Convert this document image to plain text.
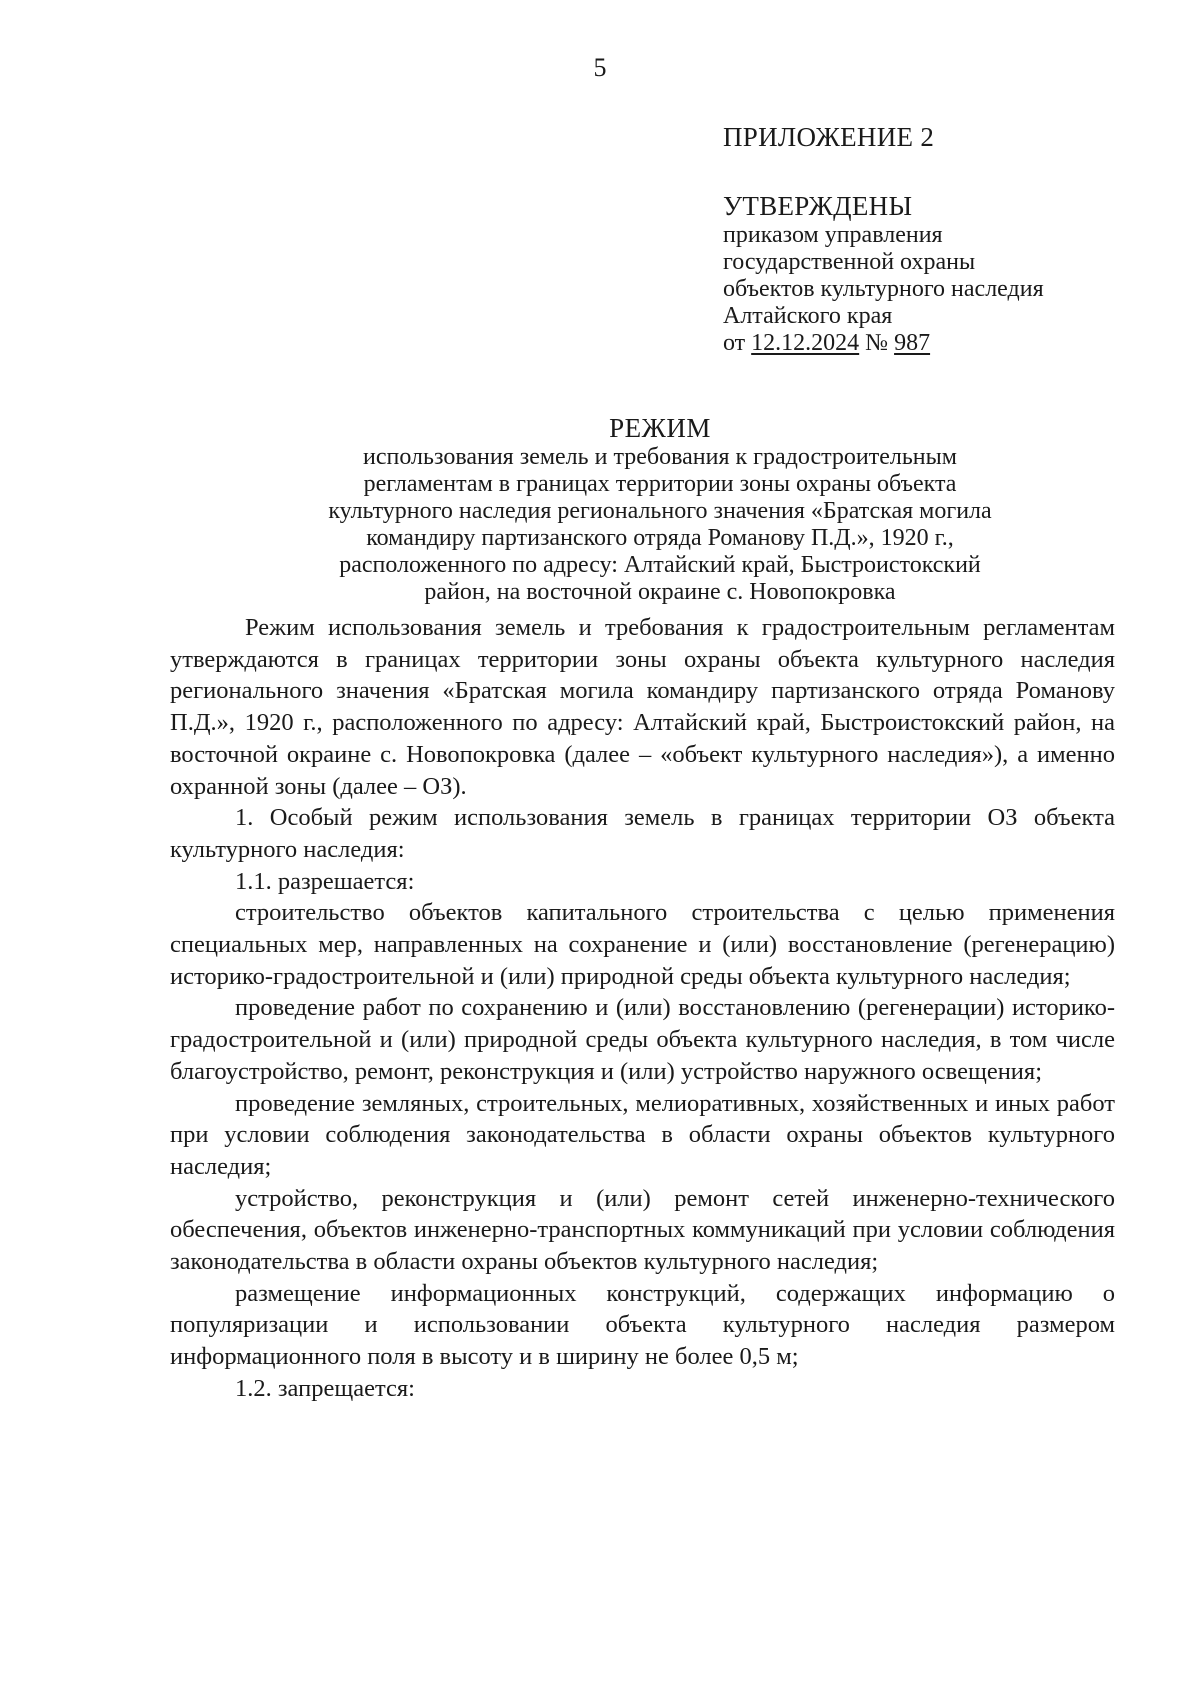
5
ПРИЛОЖЕНИЕ 2
УТВЕРЖДЕНЫ
приказом управления
государственной охраны
объектов культурного наследия
Алтайского края
от 12.12.2024 № 987
РЕЖИМ
использования земель и требования к градостроительным
регламентам в границах территории зоны охраны объекта
культурного наследия регионального значения «Братская могила
командиру партизанского отряда Романову П.Д.», 1920 г.,
расположенного по адресу: Алтайский край, Быстроистокский
район, на восточной окраине с. Новопокровка

Режим использования земель и требования к градостроительным регламентам утверждаются в границах территории зоны охраны объекта культурного наследия регионального значения «Братская могила командиру партизанского отряда Романову П.Д.», 1920 г., расположенного по адресу: Алтайский край, Быстроистокский район, на восточной окраине с. Новопокровка (далее – «объект культурного наследия»), а именно охранной зоны (далее – ОЗ).

1. Особый режим использования земель в границах территории ОЗ объекта культурного наследия:

1.1. разрешается:

строительство объектов капитального строительства с целью применения специальных мер, направленных на сохранение и (или) восстановление (регенерацию) историко-градостроительной и (или) природной среды объекта культурного наследия;

проведение работ по сохранению и (или) восстановлению (регенерации) историко-градостроительной и (или) природной среды объекта культурного наследия, в том числе благоустройство, ремонт, реконструкция и (или) устройство наружного освещения;

проведение земляных, строительных, мелиоративных, хозяйственных и иных работ при условии соблюдения законодательства в области охраны объектов культурного наследия;

устройство, реконструкция и (или) ремонт сетей инженерно-технического обеспечения, объектов инженерно-транспортных коммуникаций при условии соблюдения законодательства в области охраны объектов культурного наследия;

размещение информационных конструкций, содержащих информацию о популяризации и использовании объекта культурного наследия размером информационного поля в высоту и в ширину не более 0,5 м;

1.2. запрещается:
